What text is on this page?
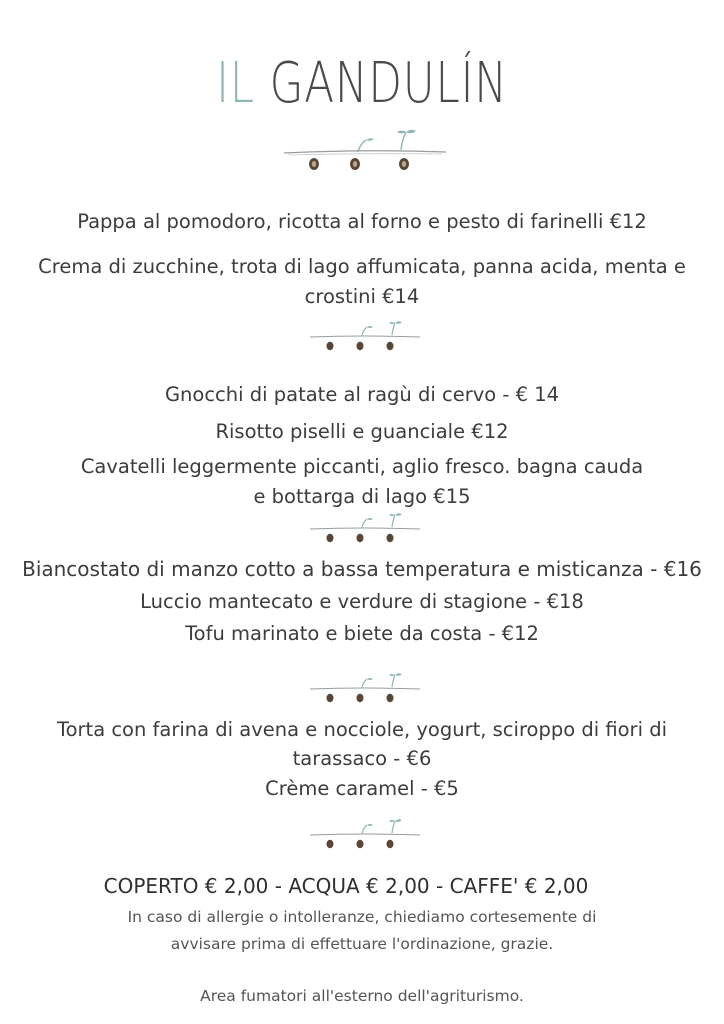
IL GANDULÍN
Pappa al pomodoro, ricotta al forno e pesto di farinelli €12
Crema di zucchine, trota di lago affumicata, panna acida, menta e
crostini €14
Gnocchi di patate al ragù di cervo - € 14
Risotto piselli e guanciale €12
Cavatelli leggermente piccanti, aglio fresco. bagna cauda
e bottarga di lago €15
Biancostato di manzo cotto a bassa temperatura e misticanza - €16
Luccio mantecato e verdure di stagione - €18
Tofu marinato e biete da costa - €12
Torta con farina di avena e nocciole, yogurt, sciroppo di fiori di
tarassaco - €6
Crème caramel - €5
COPERTO € 2,00 - ACQUA € 2,00 - CAFFE' € 2,00
In caso di allergie o intolleranze, chiediamo cortesemente di
avvisare prima di effettuare l'ordinazione, grazie.
Area fumatori all'esterno dell'agriturismo.
